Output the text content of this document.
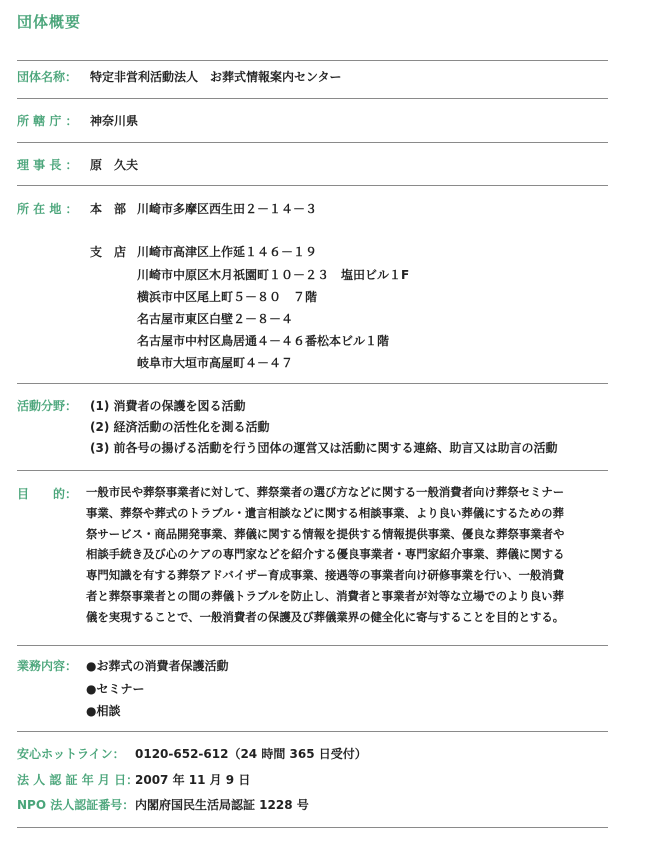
団体概要
団体名称： 特定非営利活動法人　お葬式情報案内センター
所 轄 庁 ： 神奈川県
理 事 長 ： 原　久夫
所 在 地 ： 本　部 川崎市多摩区西生田２－１４－３
支　店 川崎市高津区上作延１４６－１９
川崎市中原区木月祇園町１０－２３　塩田ビル１F
横浜市中区尾上町５－８０　７階
名古屋市東区白壁２－８－４
名古屋市中村区鳥居通４－４６番松本ビル１階
岐阜市大垣市高屋町４－４７
活動分野： (1) 消費者の保護を図る活動
(2) 経済活動の活性化を測る活動
(3) 前各号の揚げる活動を行う団体の運営又は活動に関する連絡、助言又は助言の活動
目　　的： 一般市民や葬祭事業者に対して、葬祭業者の選び方などに関する一般消費者向け葬祭セミナー
事業、葬祭や葬式のトラブル・遺言相談などに関する相談事業、より良い葬儀にするための葬
祭サービス・商品開発事業、葬儀に関する情報を提供する情報提供事業、優良な葬祭事業者や
相談手続き及び心のケアの専門家などを紹介する優良事業者・専門家紹介事業、葬儀に関する
専門知識を有する葬祭アドバイザー育成事業、接遇等の事業者向け研修事業を行い、一般消費
者と葬祭事業者との間の葬儀トラブルを防止し、消費者と事業者が対等な立場でのより良い葬
儀を実現することで、一般消費者の保護及び葬儀業界の健全化に寄与することを目的とする。
業務内容： ●お葬式の消費者保護活動
●セミナー
●相談
安心ホットライン： 0120-652-612（24 時間 365 日受付）
法 人 認 証 年 月 日：
2007 年 11 月 9 日
NPO 法人認証番号： 内閣府国民生活局認証 1228 号
